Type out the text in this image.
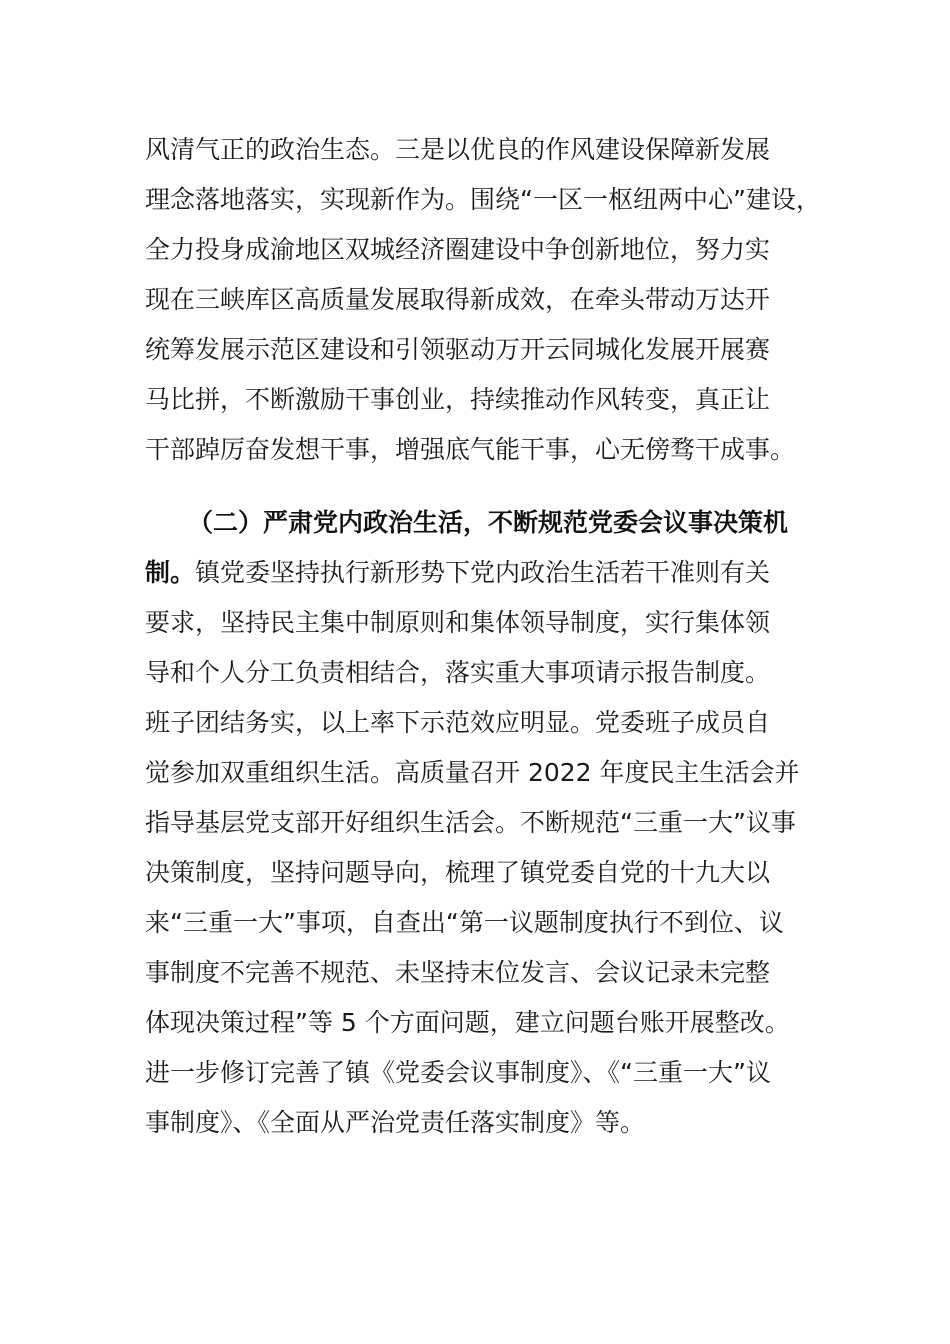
风清气正的政治生态。三是以优良的作风建设保障新发展
理念落地落实，实现新作为。围绕“一区一枢纽两中心”建设，
全力投身成渝地区双城经济圈建设中争创新地位，努力实
现在三峡库区高质量发展取得新成效，在牵头带动万达开
统筹发展示范区建设和引领驱动万开云同城化发展开展赛
马比拼，不断激励干事创业，持续推动作风转变，真正让
干部踔厉奋发想干事，增强底气能干事，心无傍骛干成事。
（二）严肃党内政治生活，不断规范党委会议事决策机
制。镇党委坚持执行新形势下党内政治生活若干准则有关
要求，坚持民主集中制原则和集体领导制度，实行集体领
导和个人分工负责相结合，落实重大事项请示报告制度。
班子团结务实，以上率下示范效应明显。党委班子成员自
觉参加双重组织生活。高质量召开 2022 年度民主生活会并
指导基层党支部开好组织生活会。不断规范“三重一大”议事
决策制度，坚持问题导向，梳理了镇党委自党的十九大以
来“三重一大”事项，自查出“第一议题制度执行不到位、议
事制度不完善不规范、未坚持末位发言、会议记录未完整
体现决策过程”等 5 个方面问题，建立问题台账开展整改。
进一步修订完善了镇《党委会议事制度》、《“三重一大”议
事制度》、《全面从严治党责任落实制度》等。
